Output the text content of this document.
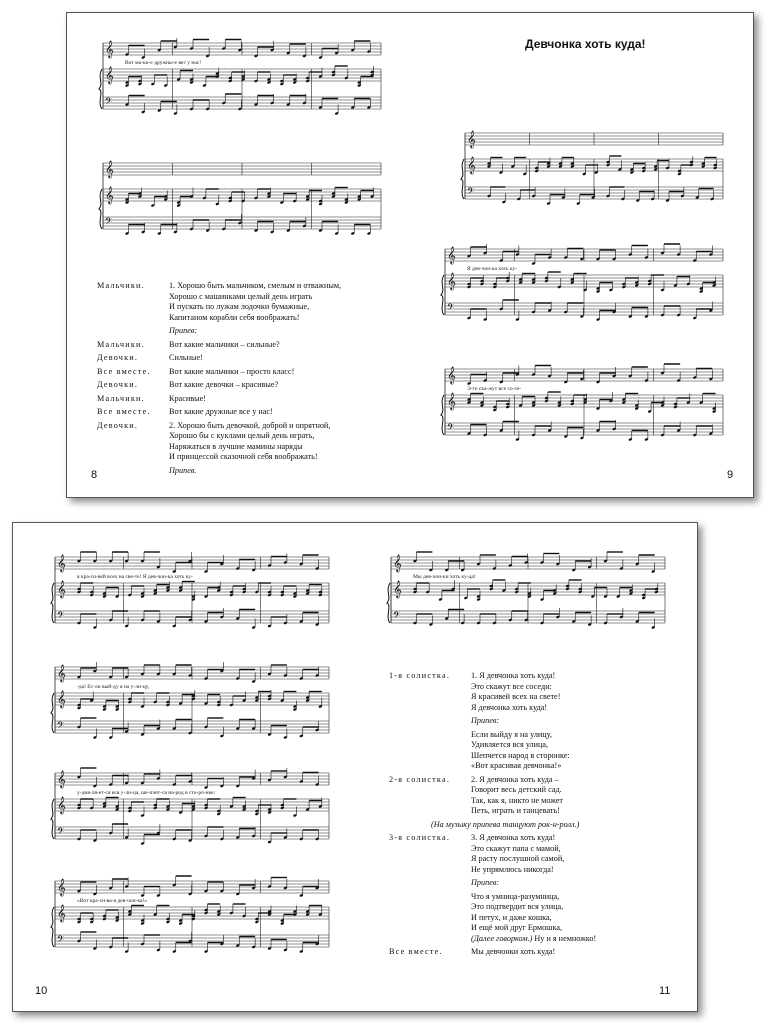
𝄞
𝄞
𝄢
Вот ма-ки-е дружны-е вес у нас!
𝄞
𝄞
𝄢
𝄞
𝄞
𝄢
𝄞
𝄞
𝄢
Я дев-чон-ка хоть ку-
𝄞
𝄞
𝄢
Э-то ска-жут все со-се-
Мальчики.	1. Хорошо быть мальчиком, смелым и отважным,
Хорошо с машинками целый день играть
И пускать по лужам лодочки бумажные,
Капитаном корабли себя воображать!
Припев:
Мальчики.	Вот какие мальчики – сильные?
Девочки.	Сильные!
Все вместе. Вот какие мальчики – просто класс!
Девочки.	Вот какие девочки – красивые?
Мальчики.	Красивые!
Все вместе. Вот какие дружные все у нас!
Девочки.	2. Хорошо быть девочкой, доброй и опрятной,
Хорошо бы с куклами целый день играть,
Наряжаться в лучшие мамины наряды
И принцессой сказочной себя воображать!
Припев.
8
Девчонка хоть куда!
9
𝄞
𝄞
𝄢
я кра-си-вей всех на све-те! Я дев-чон-ка хоть ку-
𝄞
𝄞
𝄢
-да! Ес-ли вый-ду я на у-ли-цу,
𝄞
𝄞
𝄢
у-див-ля-ет-ся вся у-ли-ца, ше-пчет-ся на-род в сто-ро-нке:
𝄞
𝄞
𝄢
«Вот кра-си-ва-я дев-чон-ка!»
𝄞
𝄞
𝄢
Мы дев-чон-ки хоть ку-да!
1-я солистка.	1. Я девчонка хоть куда!
Это скажут все соседи:
Я красивей всех на свете!
Я девчонка хоть куда!
Припев:
Если выйду я на улицу,
Удивляется вся улица,
Шепчется народ в сторонке:
«Вот красивая девчонка!»
2-я солистка.	2. Я девчонка хоть куда –
Говорит весь детский сад.
Так, как я, никто не может
Петь, играть и танцевать!
(На музыку припева танцуют рок-н-ролл.)
3-я солистка.	3. Я девчонка хоть куда!
Это скажут папа с мамой,
Я расту послушной самой,
Не упрямлюсь никогда!
Припев:
Что я умница-разумница,
Это подтвердит вся улица,
И петух, и даже кошка,
И ещё мой друг Ермошка,
(Далее говорком.) Ну и я немножко!
Все вместе.	Мы девчонки хоть куда!
10	11
